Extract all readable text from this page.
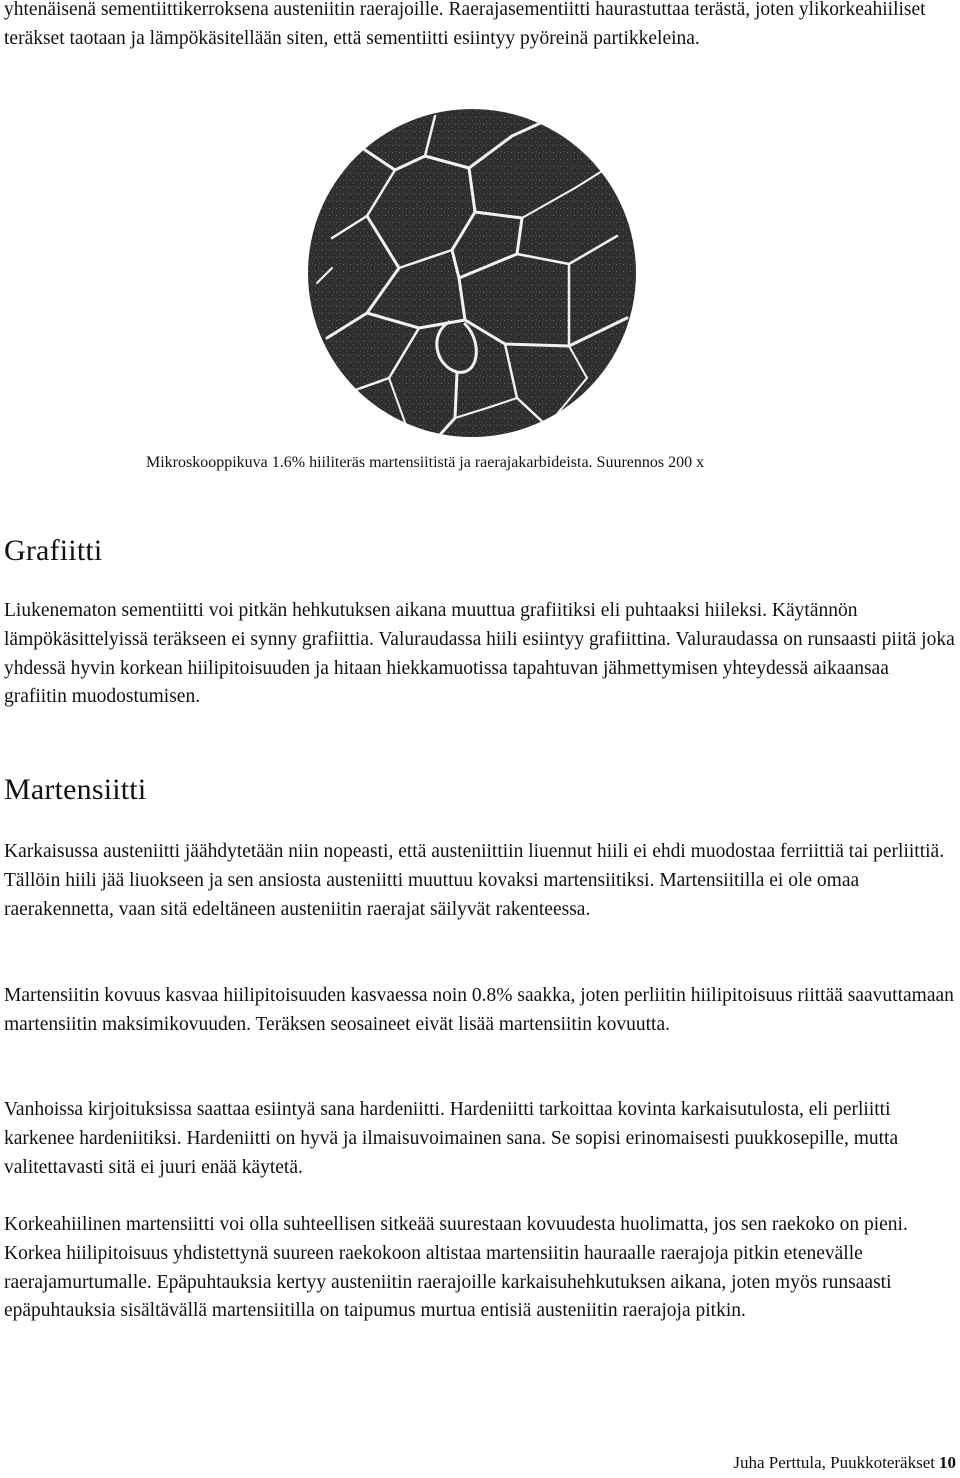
yhtenäisenä sementiittikerroksena austeniitin raerajoille. Raerajasementiitti haurastuttaa terästä, joten ylikorkeahiiliset teräkset taotaan ja lämpökäsitellään siten, että sementiitti esiintyy pyöreinä partikkeleina.

Mikroskooppikuva 1.6% hiiliteräs martensiitistä ja raerajakarbideista. Suurennos 200 x
Grafiitti

Liukenematon sementiitti voi pitkän hehkutuksen aikana muuttua grafiitiksi eli puhtaaksi hiileksi. Käytännön lämpökäsittelyissä teräkseen ei synny grafiittia. Valuraudassa hiili esiintyy grafiittina. Valuraudassa on runsaasti piitä joka yhdessä hyvin korkean hiilipitoisuuden ja hitaan hiekkamuotissa tapahtuvan jähmettymisen yhteydessä aikaansaa grafiitin muodostumisen.

Martensiitti

Karkaisussa austeniitti jäähdytetään niin nopeasti, että austeniittiin liuennut hiili ei ehdi muodostaa ferriittiä tai perliittiä. Tällöin hiili jää liuokseen ja sen ansiosta austeniitti muuttuu kovaksi martensiitiksi. Martensiitilla ei ole omaa raerakennetta, vaan sitä edeltäneen austeniitin raerajat säilyvät rakenteessa.

Martensiitin kovuus kasvaa hiilipitoisuuden kasvaessa noin 0.8% saakka, joten perliitin hiilipitoisuus riittää saavuttamaan martensiitin maksimikovuuden. Teräksen seosaineet eivät lisää martensiitin kovuutta.

Vanhoissa kirjoituksissa saattaa esiintyä sana hardeniitti. Hardeniitti tarkoittaa kovinta karkaisutulosta, eli perliitti karkenee hardeniitiksi. Hardeniitti on hyvä ja ilmaisuvoimainen sana. Se sopisi erinomaisesti puukkosepille, mutta valitettavasti sitä ei juuri enää käytetä.

Korkeahiilinen martensiitti voi olla suhteellisen sitkeää suurestaan kovuudesta huolimatta, jos sen raekoko on pieni. Korkea hiilipitoisuus yhdistettynä suureen raekokoon altistaa martensiitin hauraalle raerajoja pitkin etenevälle raerajamurtumalle. Epäpuhtauksia kertyy austeniitin raerajoille karkaisuhehkutuksen aikana, joten myös runsaasti epäpuhtauksia sisältävällä martensiitilla on taipumus murtua entisiä austeniitin raerajoja pitkin.

Juha Perttula, Puukkoteräkset 10
